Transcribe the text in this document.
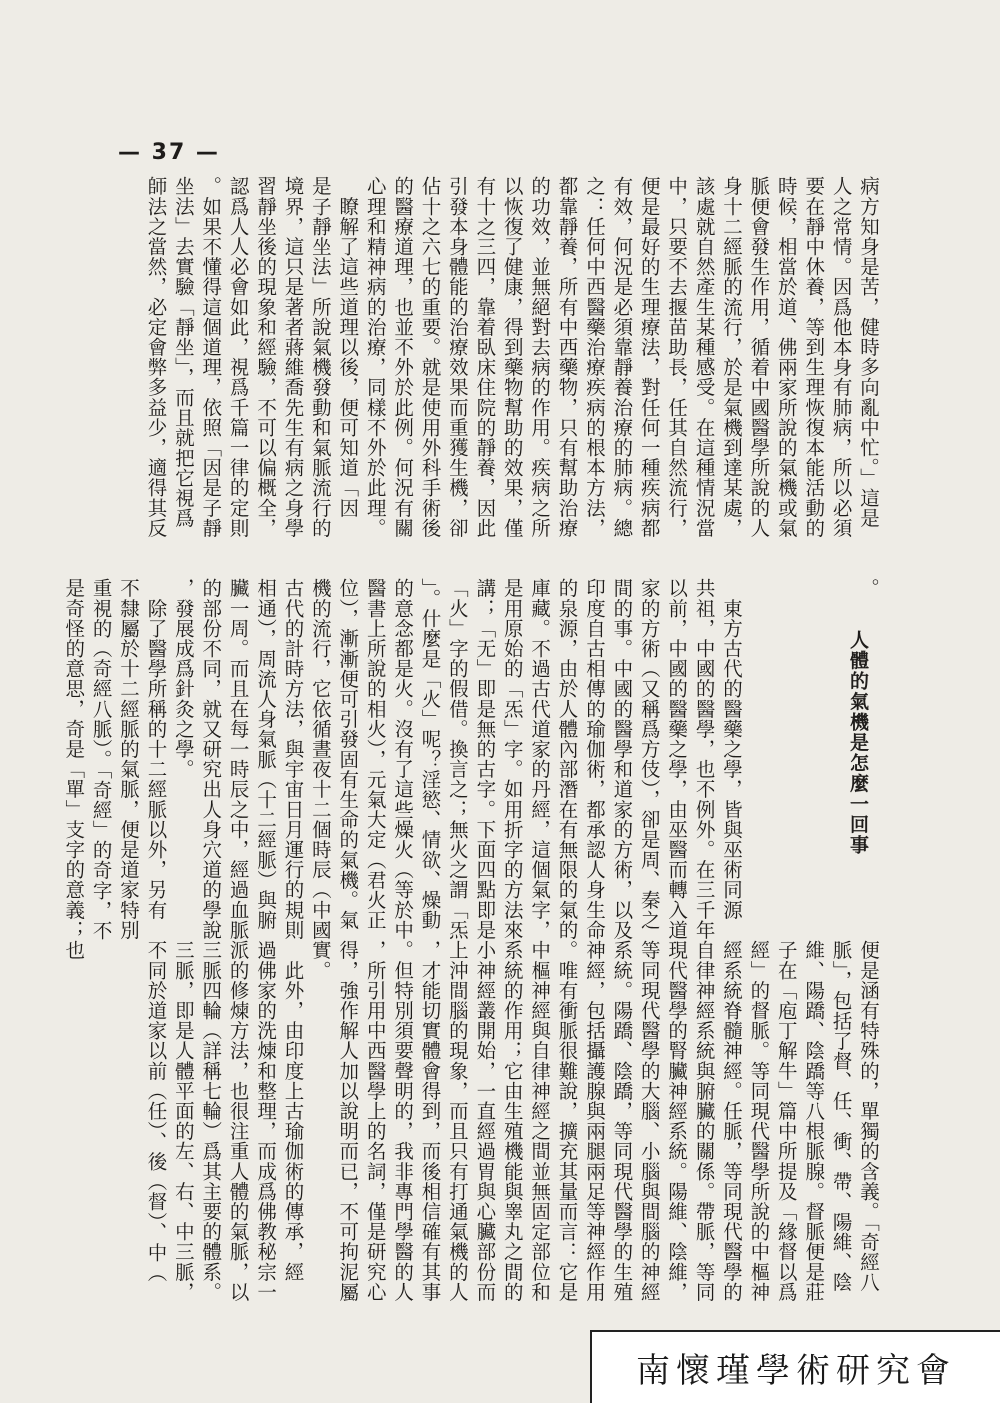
— 37 —
病方知身是苦，健時多向亂中忙。」這是
人之常情。因爲他本身有肺病，所以必須
要在靜中休養，等到生理恢復本能活動的
時候，相當於道、佛兩家所說的氣機或氣
脈便會發生作用，循着中國醫學所說的人
身十二經脈的流行，於是氣機到達某處，
該處就自然產生某種感受。在這種情況當
中，只要不去揠苗助長，任其自然流行，
便是最好的生理療法，對任何一種疾病都
有效，何況是必須靠靜養治療的肺病。總
之：任何中西醫藥治療疾病的根本方法，
都靠靜養，所有中西藥物，只有幫助治療
的功效，並無絕對去病的作用。疾病之所
以恢復了健康，得到藥物幫助的效果，僅
有十之三四，靠着臥床住院的靜養，因此
引發本身體能的治療效果而重獲生機，卻
佔十之六七的重要。就是使用外科手術後
的醫療道理，也並不外於此例。何況有關
心理和精神病的治療，同樣不外於此理。
　瞭解了這些道理以後，便可知道「因
是子靜坐法」所說氣機發動和氣脈流行的
境界，這只是著者蔣維喬先生有病之身學
習靜坐後的現象和經驗，不可以偏概全，
認爲人人必會如此，視爲千篇一律的定則
。如果不懂得這個道理，依照「因是子靜
坐法」去實驗「靜坐」，而且就把它視爲
師法之當然，必定會弊多益少，適得其反
人體的氣機是怎麼一回事
。

　東方古代的醫藥之學，皆與巫術同源
共祖，中國的醫學，也不例外。在三千年
以前，中國的醫藥之學，由巫醫而轉入道
家的方術（又稱爲方伎），卻是周、秦之
間的事。中國的醫學和道家的方術，以及
印度自古相傳的瑜伽術，都承認人身生命
的泉源，由於人體內部潛在有無限的氣的
庫藏。不過古代道家的丹經，這個氣字，
是用原始的「炁」字。如用折字的方法來
講；「无」即是無的古字。下面四點即是
「火」字的假借。換言之；無火之謂「炁
」。什麼是「火」呢？淫慾、情欲、燥動
的意念都是火。沒有了這些燥火（等於中
醫書上所說的相火），元氣大定（君火正
位），漸漸便可引發固有生命的氣機。氣
機的流行，它依循晝夜十二個時辰（中國
古代的計時方法，與宇宙日月運行的規則
相通），周流人身氣脈（十二經脈）與腑
臟一周。而且在每一時辰之中，經過血脈
的部份不同，就又研究出人身穴道的學說
，發展成爲針灸之學。
　除了醫學所稱的十二經脈以外，另有
不隸屬於十二經脈的氣脈，便是道家特別
重視的（奇經八脈）。「奇經」的奇字，不
是奇怪的意思，奇是「單」支字的意義；也
便是涵有特殊的，單獨的含義。「奇經八
脈」，包括了督、任、衝、帶、陽維、陰
維、陽蹻、陰蹻等八根脈腺。督脈便是莊
子在「庖丁解牛」篇中所提及「緣督以爲
經」的督脈。等同現代醫學所說的中樞神
經系統脊髓神經。任脈，等同現代醫學的
自律神經系統與腑臟的關係。帶脈，等同
現代醫學的腎臟神經系統。陽維、陰維，
等同現代醫學的大腦、小腦與間腦的神經
系統。陽蹻、陰蹻，等同現代醫學的生殖
神經，包括攝護腺與兩腿兩足等神經作用
。唯有衝脈很難說，擴充其量而言：它是
中樞神經與自律神經之間並無固定部位和
系統的作用；它由生殖機能與睾丸之間的
小神經叢開始，一直經過胃與心臟部份而
上沖間腦的現象，而且只有打通氣機的人
，才能切實體會得到，而後相信確有其事
。但特別須要聲明的，我非專門學醫的人
，所引用中西醫學上的名詞，僅是研究心
得，強作解人加以說明而已，不可拘泥屬
實。
　此外，由印度上古瑜伽術的傳承，經
過佛家的洗煉和整理，而成爲佛教秘宗一
派的修煉方法，也很注重人體的氣脈，以
三脈四輪（詳稱七輪）爲其主要的體系。
三脈，即是人體平面的左、右、中三脈，
不同於道家以前（任）、後（督）、中（
南懷瑾學術研究會
